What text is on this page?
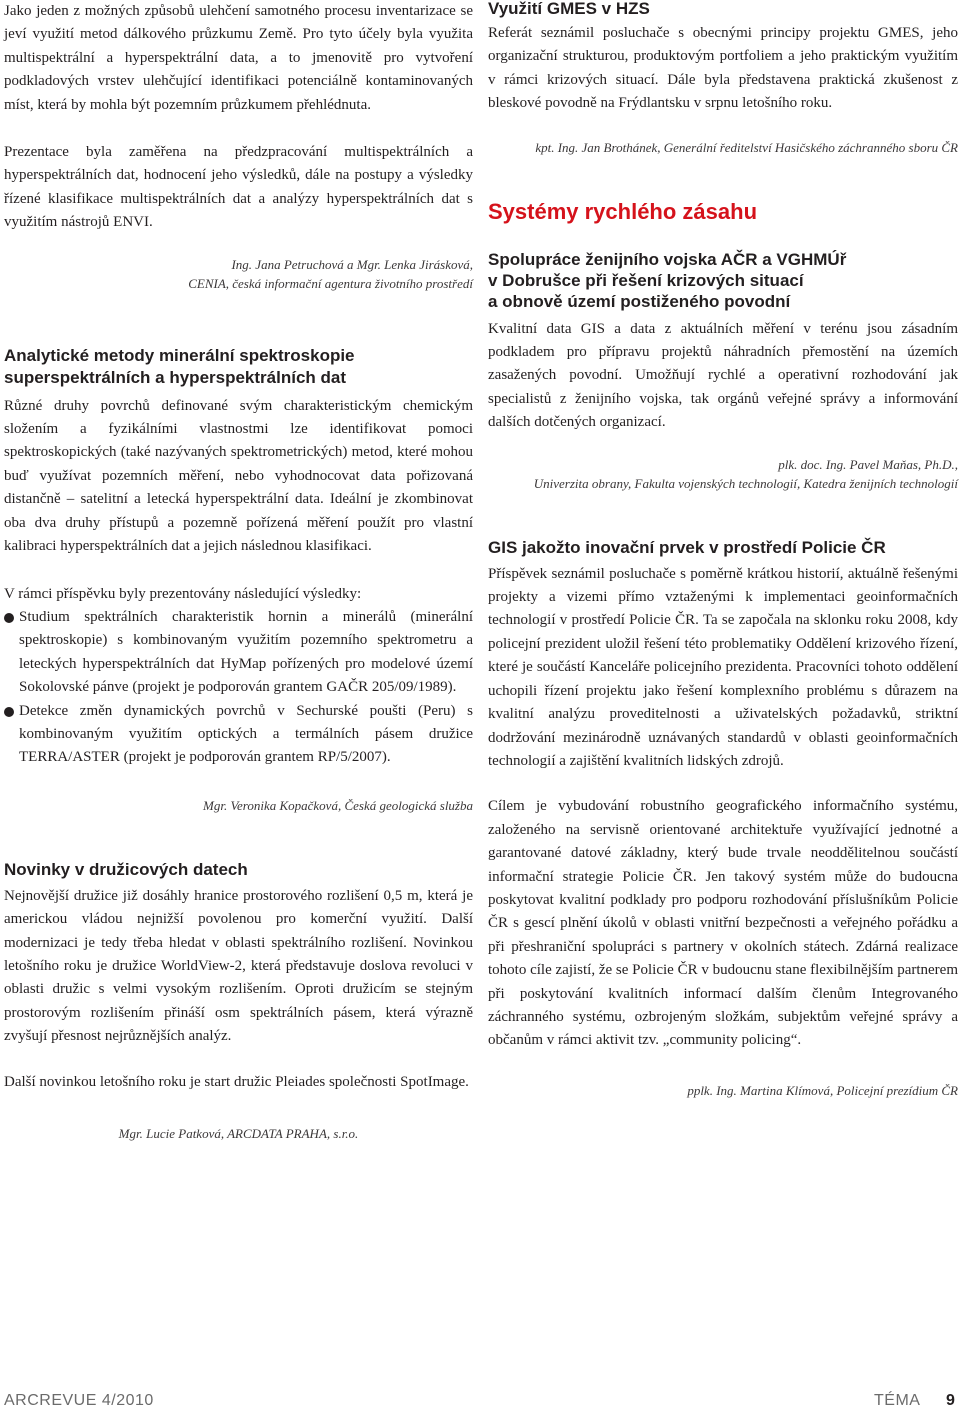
Jako jeden z možných způsobů ulehčení samotného procesu inventarizace se jeví využití metod dálkového průzkumu Země. Pro tyto účely byla využita multispektrální a hyperspektrální data, a to jmenovitě pro vytvoření podkladových vrstev ulehčující identifikaci potenciálně kontaminovaných míst, která by mohla být pozemním průzkumem přehlédnuta.

Prezentace byla zaměřena na předzpracování multispektrálních a hyperspektrálních dat, hodnocení jeho výsledků, dále na postupy a výsledky řízené klasifikace multispektrálních dat a analýzy hyperspektrálních dat s využitím nástrojů ENVI.

Ing. Jana Petruchová a Mgr. Lenka Jirásková,
CENIA, česká informační agentura životního prostředí
Analytické metody minerální spektroskopie superspektrálních a hyperspektrálních dat

Různé druhy povrchů definované svým charakteristickým chemickým složením a fyzikálními vlastnostmi lze identifikovat pomoci spektroskopických (také nazývaných spektrometrických) metod, které mohou buď využívat pozemních měření, nebo vyhodnocovat data pořizovaná distančně – satelitní a letecká hyperspektrální data. Ideální je zkombinovat oba dva druhy přístupů a pozemně pořízená měření použít pro vlastní kalibraci hyperspektrálních dat a jejich následnou klasifikaci.

V rámci příspěvku byly prezentovány následující výsledky:

Studium spektrálních charakteristik hornin a minerálů (minerální spektroskopie) s kombinovaným využitím pozemního spektrometru a leteckých hyperspektrálních dat HyMap pořízených pro modelové území Sokolovské pánve (projekt je podporován grantem GAČR 205/09/1989).
Detekce změn dynamických povrchů v Sechurské poušti (Peru) s kombinovaným využitím optických a termálních pásem družice TERRA/ASTER (projekt je podporován grantem RP/5/2007).
Mgr. Veronika Kopačková, Česká geologická služba
Novinky v družicových datech

Nejnovější družice již dosáhly hranice prostorového rozlišení 0,5 m, která je americkou vládou nejnižší povolenou pro komerční využití. Další modernizaci je tedy třeba hledat v oblasti spektrálního rozlišení. Novinkou letošního roku je družice WorldView-2, která představuje doslova revoluci v oblasti družic s velmi vysokým rozlišením. Oproti družicím se stejným prostorovým rozlišením přináší osm spektrálních pásem, která výrazně zvyšují přesnost nejrůznějších analýz.

Další novinkou letošního roku je start družic Pleiades společnosti SpotImage.

Mgr. Lucie Patková, ARCDATA PRAHA, s.r.o.
Využití GMES v HZS

Referát seznámil posluchače s obecnými principy projektu GMES, jeho organizační strukturou, produktovým portfoliem a jeho praktickým využitím v rámci krizových situací. Dále byla představena praktická zkušenost z bleskové povodně na Frýdlantsku v srpnu letošního roku.

kpt. Ing. Jan Brothánek, Generální ředitelství Hasičského záchranného sboru ČR
Systémy rychlého zásahu
Spolupráce ženijního vojska AČR a VGHMÚř
v Dobrušce při řešení krizových situací
a obnově území postiženého povodní

Kvalitní data GIS a data z aktuálních měření v terénu jsou zásadním podkladem pro přípravu projektů náhradních přemostění na územích zasažených povodní. Umožňují rychlé a operativní rozhodování jak specialistů z ženijního vojska, tak orgánů veřejné správy a informování dalších dotčených organizací.

plk. doc. Ing. Pavel Maňas, Ph.D.,
Univerzita obrany, Fakulta vojenských technologií, Katedra ženijních technologií
GIS jakožto inovační prvek v prostředí Policie ČR

Příspěvek seznámil posluchače s poměrně krátkou historií, aktuálně řešenými projekty a vizemi přímo vztaženými k implementaci geoinformačních technologií v prostředí Policie ČR. Ta se započala na sklonku roku 2008, kdy policejní prezident uložil řešení této problematiky Oddělení krizového řízení, které je součástí Kanceláře policejního prezidenta. Pracovníci tohoto oddělení uchopili řízení projektu jako řešení komplexního problému s důrazem na kvalitní analýzu proveditelnosti a uživatelských požadavků, striktní dodržování mezinárodně uznávaných standardů v oblasti geoinformačních technologií a zajištění kvalitních lidských zdrojů.

Cílem je vybudování robustního geografického informačního systému, založeného na servisně orientované architektuře využívající jednotné a garantované datové základny, který bude trvale neoddělitelnou součástí informační strategie Policie ČR. Jen takový systém může do budoucna poskytovat kvalitní podklady pro podporu rozhodování příslušníkům Policie ČR s gescí plnění úkolů v oblasti vnitřní bezpečnosti a veřejného pořádku a při přeshraniční spolupráci s partnery v okolních státech. Zdárná realizace tohoto cíle zajistí, že se Policie ČR v budoucnu stane flexibilnějším partnerem při poskytování kvalitních informací dalším členům Integrovaného záchranného systému, ozbrojeným složkám, subjektům veřejné správy a občanům v rámci aktivit tzv. „community policing“.

pplk. Ing. Martina Klímová, Policejní prezídium ČR
ARCREVUE 4/2010	TÉMA 9
